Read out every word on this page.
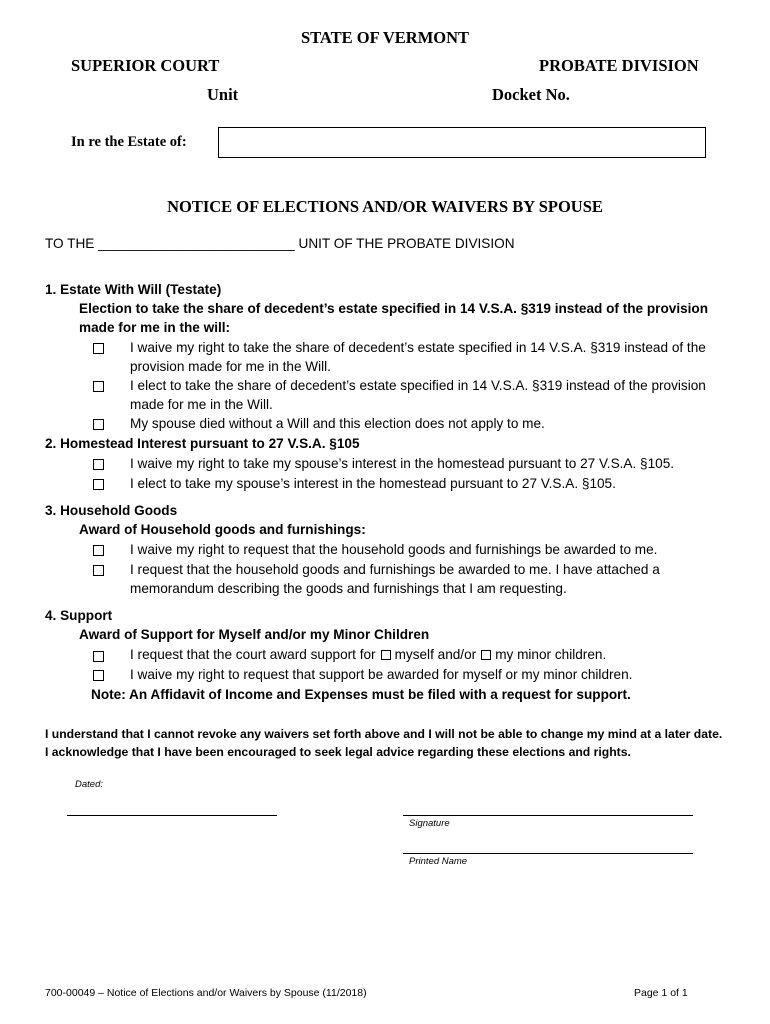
STATE OF VERMONT
SUPERIOR COURT	PROBATE DIVISION
Unit	Docket No.
In re the Estate of:
NOTICE OF ELECTIONS AND/OR WAIVERS BY SPOUSE
TO THE __________________________ UNIT OF THE PROBATE DIVISION
1. Estate With Will (Testate)
Election to take the share of decedent’s estate specified in 14 V.S.A. §319 instead of the provision
made for me in the will:
I waive my right to take the share of decedent’s estate specified in 14 V.S.A. §319 instead of the
provision made for me in the Will.
I elect to take the share of decedent’s estate specified in 14 V.S.A. §319 instead of the provision
made for me in the Will.
My spouse died without a Will and this election does not apply to me.
2. Homestead Interest pursuant to 27 V.S.A. §105
I waive my right to take my spouse’s interest in the homestead pursuant to 27 V.S.A. §105.
I elect to take my spouse’s interest in the homestead pursuant to 27 V.S.A. §105.
3. Household Goods
Award of Household goods and furnishings:
I waive my right to request that the household goods and furnishings be awarded to me.
I request that the household goods and furnishings be awarded to me. I have attached a
memorandum describing the goods and furnishings that I am requesting.
4. Support
Award of Support for Myself and/or my Minor Children
I request that the court award support for myself and/or my minor children.
I waive my right to request that support be awarded for myself or my minor children.
Note: An Affidavit of Income and Expenses must be filed with a request for support.
I understand that I cannot revoke any waivers set forth above and I will not be able to change my mind at a later date.
I acknowledge that I have been encouraged to seek legal advice regarding these elections and rights.
Dated:
Signature
Printed Name
700-00049 – Notice of Elections and/or Waivers by Spouse (11/2018)	Page 1 of 1
